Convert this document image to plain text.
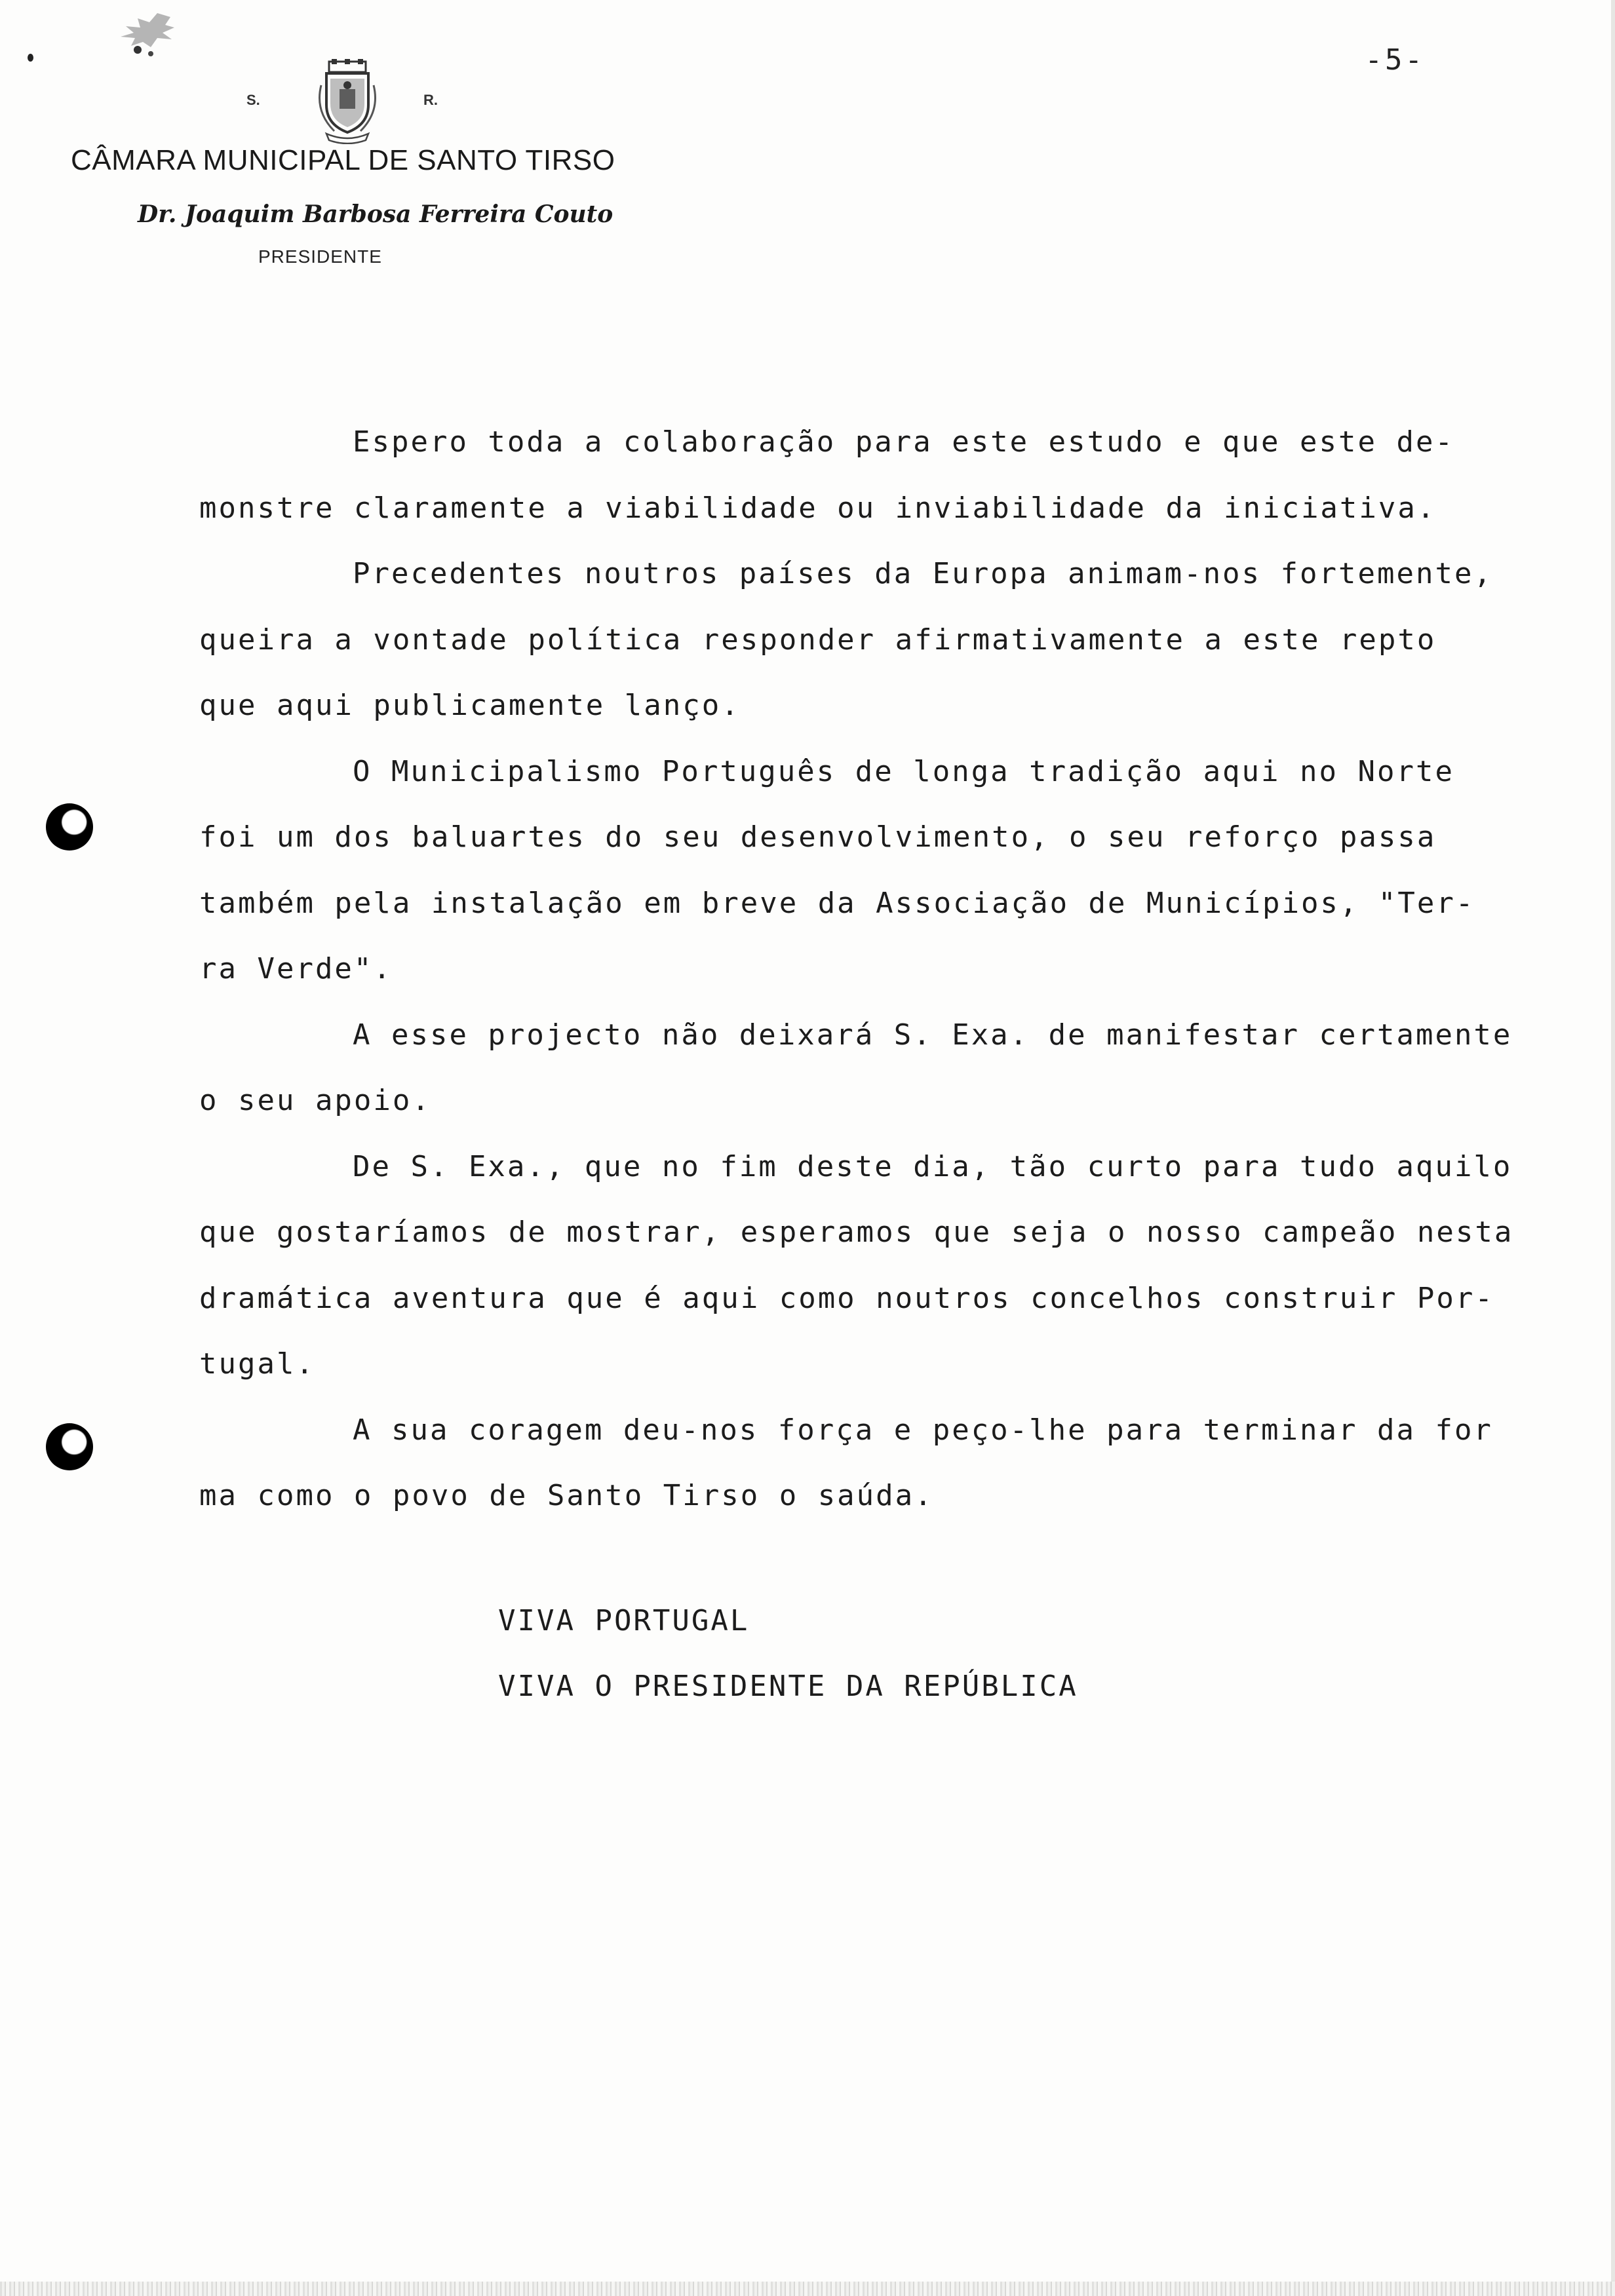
-5-
S.	R.
CÂMARA MUNICIPAL DE SANTO TIRSO
Dr. Joaquim Barbosa Ferreira Couto
PRESIDENTE
Espero toda a colaboração para este estudo e que este de-
monstre claramente a viabilidade ou inviabilidade da iniciativa.
Precedentes noutros países da Europa animam-nos fortemente,
queira a vontade política responder afirmativamente a este repto
que aqui publicamente lanço.
O Municipalismo Português de longa tradição aqui no Norte
foi um dos baluartes do seu desenvolvimento, o seu reforço passa
também pela instalação em breve da Associação de Municípios, "Ter-
ra Verde".
A esse projecto não deixará S. Exa. de manifestar certamente
o seu apoio.
De S. Exa., que no fim deste dia, tão curto para tudo aquilo
que gostaríamos de mostrar, esperamos que seja o nosso campeão nesta
dramática aventura que é aqui como noutros concelhos construir Por-
tugal.
A sua coragem deu-nos força e peço-lhe para terminar da for
ma como o povo de Santo Tirso o saúda.
VIVA PORTUGAL
VIVA O PRESIDENTE DA REPÚBLICA
